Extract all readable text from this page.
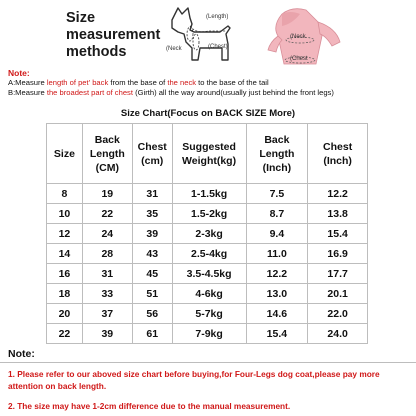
Size
measurement
methods
(Length)
(Neck	(Chest)
(Neck
(Chest
Note:
A:Measure length of pet' back from the base of the neck to the base of the tail
B:Measure the broadest part of chest (Girth) all the way around(usually just behind the front legs)
Size Chart(Focus on BACK SIZE More)
Size	Back Length (CM)	Chest (cm)	Suggested Weight(kg)	Back Length (Inch)	Chest (Inch)
8	19	31	1-1.5kg	7.5	12.2
10	22	35	1.5-2kg	8.7	13.8
12	24	39	2-3kg	9.4	15.4
14	28	43	2.5-4kg	11.0	16.9
16	31	45	3.5-4.5kg	12.2	17.7
18	33	51	4-6kg	13.0	20.1
20	37	56	5-7kg	14.6	22.0
22	39	61	7-9kg	15.4	24.0
Note:
1. Please refer to our aboved size chart before buying,for Four-Legs dog coat,please pay more attention on back length.
2. The size may have 1-2cm difference due to the manual measurement.
